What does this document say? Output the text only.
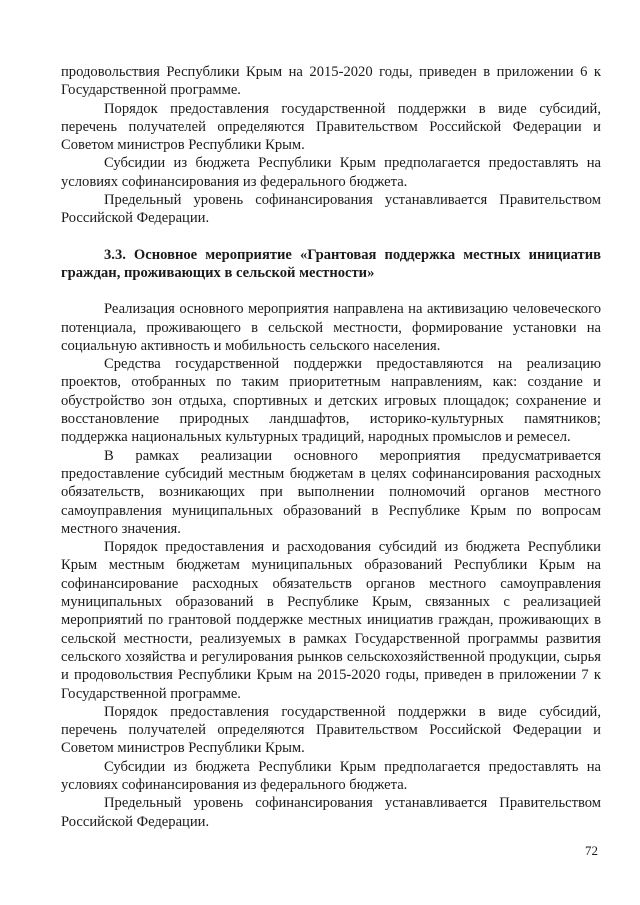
продовольствия Республики Крым на 2015-2020 годы, приведен в приложении 6 к Государственной программе.

Порядок предоставления государственной поддержки в виде субсидий, перечень получателей определяются Правительством Российской Федерации и Советом министров Республики Крым.

Субсидии из бюджета Республики Крым предполагается предоставлять на условиях софинансирования из федерального бюджета.

Предельный уровень софинансирования устанавливается Правительством Российской Федерации.

3.3. Основное мероприятие «Грантовая поддержка местных инициатив граждан, проживающих в сельской местности»

Реализация основного мероприятия направлена на активизацию человеческого потенциала, проживающего в сельской местности, формирование установки на социальную активность и мобильность сельского населения.

Средства государственной поддержки предоставляются на реализацию проектов, отобранных по таким приоритетным направлениям, как: создание и обустройство зон отдыха, спортивных и детских игровых площадок; сохранение и восстановление природных ландшафтов, историко-культурных памятников; поддержка национальных культурных традиций, народных промыслов и ремесел.

В рамках реализации основного мероприятия предусматривается предоставление субсидий местным бюджетам в целях софинансирования расходных обязательств, возникающих при выполнении полномочий органов местного самоуправления муниципальных образований в Республике Крым по вопросам местного значения.

Порядок предоставления и расходования субсидий из бюджета Республики Крым местным бюджетам муниципальных образований Республики Крым на софинансирование расходных обязательств органов местного самоуправления муниципальных образований в Республике Крым, связанных с реализацией мероприятий по грантовой поддержке местных инициатив граждан, проживающих в сельской местности, реализуемых в рамках Государственной программы развития сельского хозяйства и регулирования рынков сельскохозяйственной продукции, сырья и продовольствия Республики Крым на 2015-2020 годы, приведен в приложении 7 к Государственной программе.

Порядок предоставления государственной поддержки в виде субсидий, перечень получателей определяются Правительством Российской Федерации и Советом министров Республики Крым.

Субсидии из бюджета Республики Крым предполагается предоставлять на условиях софинансирования из федерального бюджета.

Предельный уровень софинансирования устанавливается Правительством Российской Федерации.

72
